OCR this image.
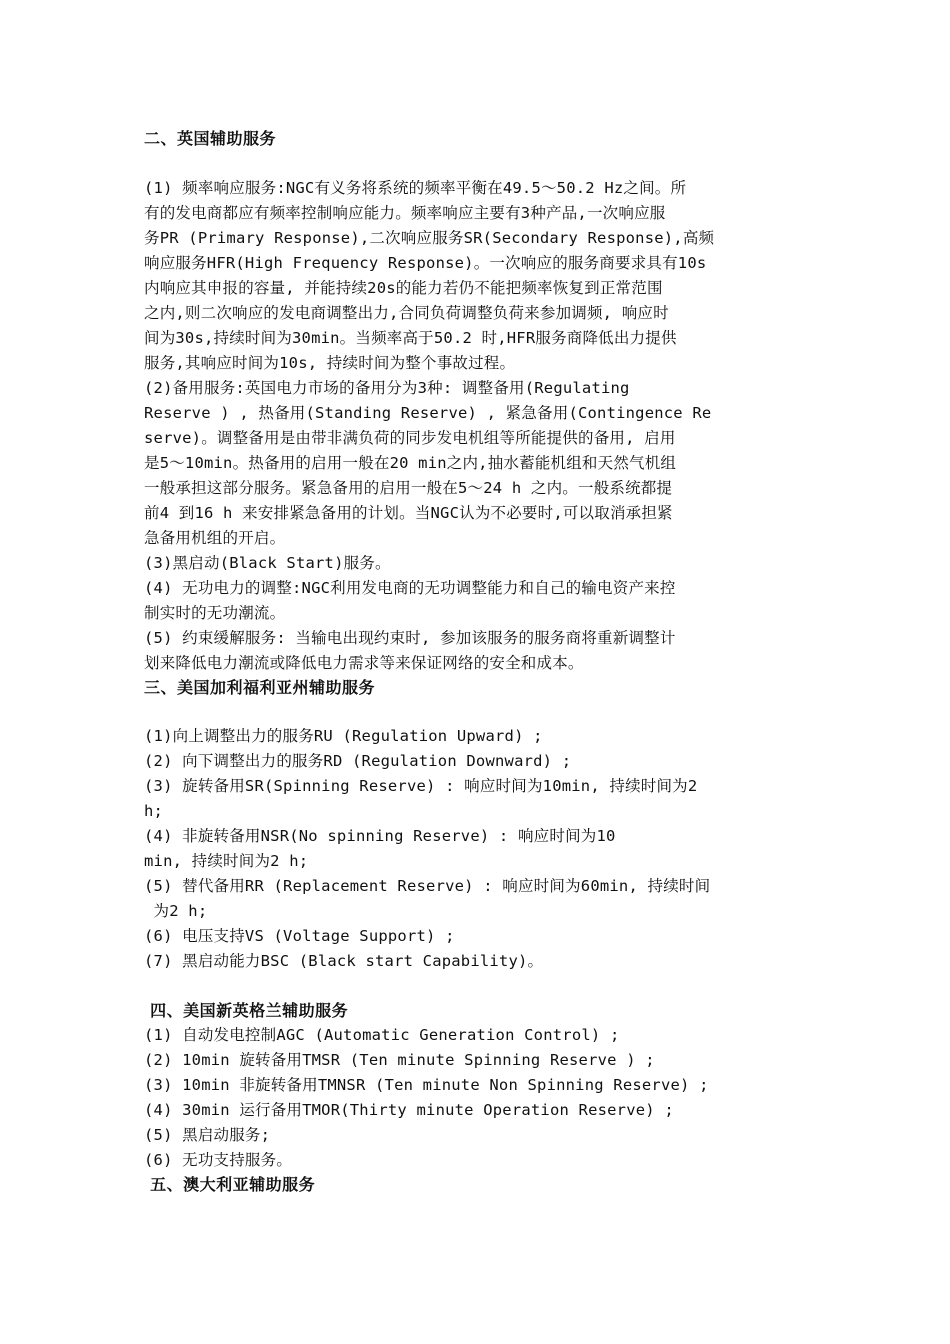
二、英国辅助服务
(1) 频率响应服务:NGC有义务将系统的频率平衡在49.5～50.2 Hz之间。所
有的发电商都应有频率控制响应能力。频率响应主要有3种产品,一次响应服
务PR (Primary Response),二次响应服务SR(Secondary Response),高频
响应服务HFR(High Frequency Response)。一次响应的服务商要求具有10s
内响应其申报的容量, 并能持续20s的能力若仍不能把频率恢复到正常范围
之内,则二次响应的发电商调整出力,合同负荷调整负荷来参加调频, 响应时
间为30s,持续时间为30min。当频率高于50.2 时,HFR服务商降低出力提供
服务,其响应时间为10s, 持续时间为整个事故过程。
(2)备用服务:英国电力市场的备用分为3种: 调整备用(Regulating
Reserve ) , 热备用(Standing Reserve) , 紧急备用(Contingence Re
serve)。调整备用是由带非满负荷的同步发电机组等所能提供的备用, 启用
是5～10min。热备用的启用一般在20 min之内,抽水蓄能机组和天然气机组
一般承担这部分服务。紧急备用的启用一般在5～24 h 之内。一般系统都提
前4 到16 h 来安排紧急备用的计划。当NGC认为不必要时,可以取消承担紧
急备用机组的开启。
(3)黑启动(Black Start)服务。
(4) 无功电力的调整:NGC利用发电商的无功调整能力和自己的输电资产来控
制实时的无功潮流。
(5) 约束缓解服务: 当输电出现约束时, 参加该服务的服务商将重新调整计
划来降低电力潮流或降低电力需求等来保证网络的安全和成本。
三、美国加利福利亚州辅助服务
(1)向上调整出力的服务RU (Regulation Upward) ;
(2) 向下调整出力的服务RD (Regulation Downward) ;
(3) 旋转备用SR(Spinning Reserve) : 响应时间为10min, 持续时间为2
h;
(4) 非旋转备用NSR(No spinning Reserve) : 响应时间为10
min, 持续时间为2 h;
(5) 替代备用RR (Replacement Reserve) : 响应时间为60min, 持续时间
为2 h;
(6) 电压支持VS (Voltage Support) ;
(7) 黑启动能力BSC (Black start Capability)。
四、美国新英格兰辅助服务
(1) 自动发电控制AGC (Automatic Generation Control) ;
(2) 10min 旋转备用TMSR (Ten minute Spinning Reserve ) ;
(3) 10min 非旋转备用TMNSR (Ten minute Non Spinning Reserve) ;
(4) 30min 运行备用TMOR(Thirty minute Operation Reserve) ;
(5) 黑启动服务;
(6) 无功支持服务。
五、澳大利亚辅助服务
